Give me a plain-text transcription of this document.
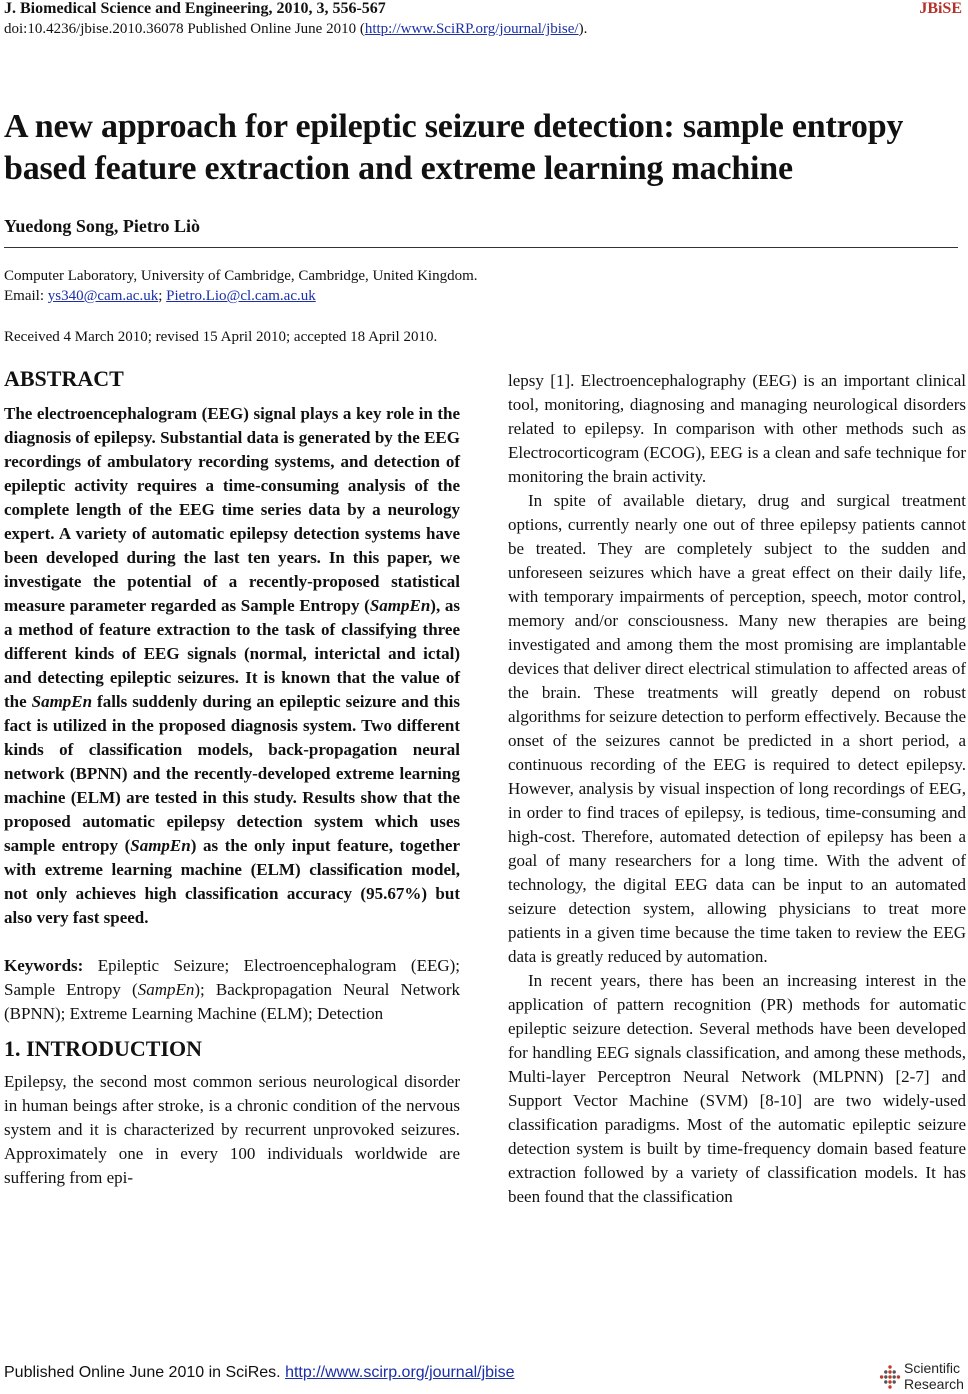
J. Biomedical Science and Engineering, 2010, 3, 556-567	JBiSE
doi:10.4236/jbise.2010.36078 Published Online June 2010 (http://www.SciRP.org/journal/jbise/).
A new approach for epileptic seizure detection: sample entropy based feature extraction and extreme learning machine
Yuedong Song, Pietro Liò
Computer Laboratory, University of Cambridge, Cambridge, United Kingdom.
Email: ys340@cam.ac.uk; Pietro.Lio@cl.cam.ac.uk
Received 4 March 2010; revised 15 April 2010; accepted 18 April 2010.
ABSTRACT

The electroencephalogram (EEG) signal plays a key role in the diagnosis of epilepsy. Substantial data is generated by the EEG recordings of ambulatory recording systems, and detection of epileptic activity requires a time-consuming analysis of the complete length of the EEG time series data by a neurology expert. A variety of automatic epilepsy detection systems have been developed during the last ten years. In this paper, we investigate the potential of a recently-proposed statistical measure parameter regarded as Sample Entropy (SampEn), as a method of feature extraction to the task of classifying three different kinds of EEG signals (normal, interictal and ictal) and detecting epileptic seizures. It is known that the value of the SampEn falls suddenly during an epileptic seizure and this fact is utilized in the proposed diagnosis system. Two different kinds of classification models, back-propagation neural network (BPNN) and the recently-developed extreme learning machine (ELM) are tested in this study. Results show that the proposed automatic epilepsy detection system which uses sample entropy (SampEn) as the only input feature, together with extreme learning machine (ELM) classification model, not only achieves high classification accuracy (95.67%) but also very fast speed.

Keywords: Epileptic Seizure; Electroencephalogram (EEG); Sample Entropy (SampEn); Backpropagation Neural Network (BPNN); Extreme Learning Machine (ELM); Detection

1. INTRODUCTION

Epilepsy, the second most common serious neurological disorder in human beings after stroke, is a chronic condition of the nervous system and it is characterized by recurrent unprovoked seizures. Approximately one in every 100 individuals worldwide are suffering from epi-

lepsy [1]. Electroencephalography (EEG) is an important clinical tool, monitoring, diagnosing and managing neurological disorders related to epilepsy. In comparison with other methods such as Electrocorticogram (ECOG), EEG is a clean and safe technique for monitoring the brain activity.

In spite of available dietary, drug and surgical treatment options, currently nearly one out of three epilepsy patients cannot be treated. They are completely subject to the sudden and unforeseen seizures which have a great effect on their daily life, with temporary impairments of perception, speech, motor control, memory and/or consciousness. Many new therapies are being investigated and among them the most promising are implantable devices that deliver direct electrical stimulation to affected areas of the brain. These treatments will greatly depend on robust algorithms for seizure detection to perform effectively. Because the onset of the seizures cannot be predicted in a short period, a continuous recording of the EEG is required to detect epilepsy. However, analysis by visual inspection of long recordings of EEG, in order to find traces of epilepsy, is tedious, time-consuming and high-cost. Therefore, automated detection of epilepsy has been a goal of many researchers for a long time. With the advent of technology, the digital EEG data can be input to an automated seizure detection system, allowing physicians to treat more patients in a given time because the time taken to review the EEG data is greatly reduced by automation.

In recent years, there has been an increasing interest in the application of pattern recognition (PR) methods for automatic epileptic seizure detection. Several methods have been developed for handling EEG signals classification, and among these methods, Multi-layer Perceptron Neural Network (MLPNN) [2-7] and Support Vector Machine (SVM) [8-10] are two widely-used classification paradigms. Most of the automatic epileptic seizure detection system is built by time-frequency domain based feature extraction followed by a variety of classification models. It has been found that the classification

Published Online June 2010 in SciRes. http://www.scirp.org/journal/jbise	Scientific
Research
